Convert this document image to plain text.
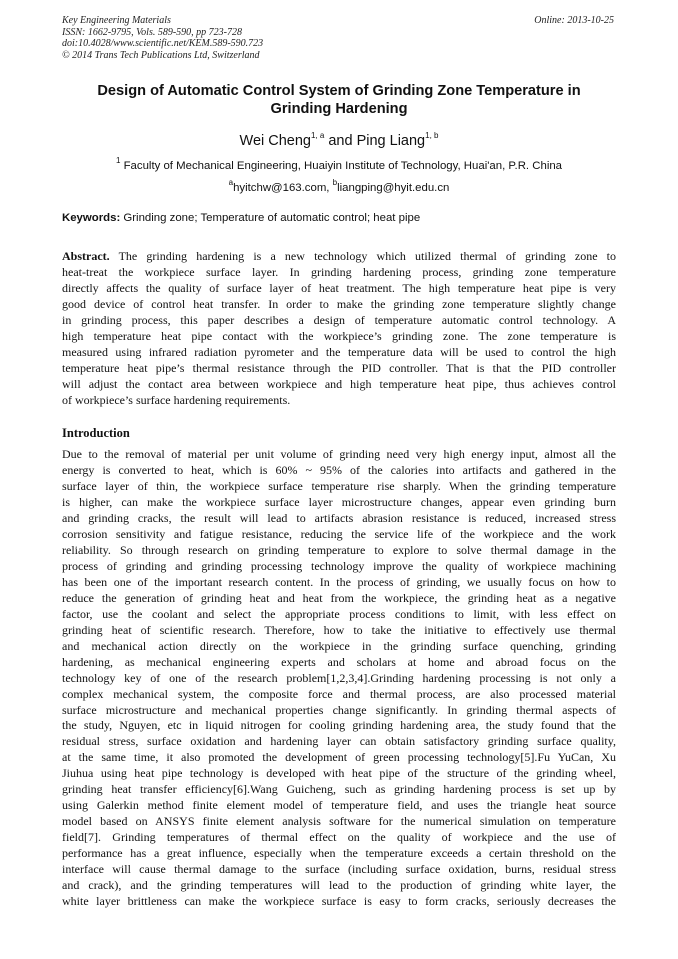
Key Engineering Materials
ISSN: 1662-9795, Vols. 589-590, pp 723-728
doi:10.4028/www.scientific.net/KEM.589-590.723
© 2014 Trans Tech Publications Ltd, Switzerland
Online: 2013-10-25
Design of Automatic Control System of Grinding Zone Temperature in
Grinding Hardening
Wei Cheng$^{1, a}$ and Ping Liang$^{1, b}$
$^1$ Faculty of Mechanical Engineering, Huaiyin Institute of Technology, Huai'an, P.R. China
$^a$hyitchw@163.com, $^b$liangping@hyit.edu.cn
Keywords: Grinding zone; Temperature of automatic control; heat pipe
Abstract. The grinding hardening is a new technology which utilized thermal of grinding zone to
heat-treat the workpiece surface layer. In grinding hardening process, grinding zone temperature
directly affects the quality of surface layer of heat treatment. The high temperature heat pipe is very
good device of control heat transfer. In order to make the grinding zone temperature slightly change
in grinding process, this paper describes a design of temperature automatic control technology. A
high temperature heat pipe contact with the workpiece’s grinding zone. The zone temperature is
measured using infrared radiation pyrometer and the temperature data will be used to control the high
temperature heat pipe’s thermal resistance through the PID controller. That is that the PID controller
will adjust the contact area between workpiece and high temperature heat pipe, thus achieves control
of workpiece’s surface hardening requirements.
Introduction
Due to the removal of material per unit volume of grinding need very high energy input, almost all the
energy is converted to heat, which is 60% ~ 95% of the calories into artifacts and gathered in the
surface layer of thin, the workpiece surface temperature rise sharply. When the grinding temperature
is higher, can make the workpiece surface layer microstructure changes, appear even grinding burn
and grinding cracks, the result will lead to artifacts abrasion resistance is reduced, increased stress
corrosion sensitivity and fatigue resistance, reducing the service life of the workpiece and the work
reliability. So through research on grinding temperature to explore to solve thermal damage in the
process of grinding and grinding processing technology improve the quality of workpiece machining
has been one of the important research content. In the process of grinding, we usually focus on how to
reduce the generation of grinding heat and heat from the workpiece, the grinding heat as a negative
factor, use the coolant and select the appropriate process conditions to limit, with less effect on
grinding heat of scientific research. Therefore, how to take the initiative to effectively use thermal
and mechanical action directly on the workpiece in the grinding surface quenching, grinding
hardening, as mechanical engineering experts and scholars at home and abroad focus on the
technology key of one of the research problem[1,2,3,4].Grinding hardening processing is not only a
complex mechanical system, the composite force and thermal process, are also processed material
surface microstructure and mechanical properties change significantly. In grinding thermal aspects of
the study, Nguyen, etc in liquid nitrogen for cooling grinding hardening area, the study found that the
residual stress, surface oxidation and hardening layer can obtain satisfactory grinding surface quality,
at the same time, it also promoted the development of green processing technology[5].Fu YuCan, Xu
Jiuhua using heat pipe technology is developed with heat pipe of the structure of the grinding wheel,
grinding heat transfer efficiency[6].Wang Guicheng, such as grinding hardening process is set up by
using Galerkin method finite element model of temperature field, and uses the triangle heat source
model based on ANSYS finite element analysis software for the numerical simulation on temperature
field[7]. Grinding temperatures of thermal effect on the quality of workpiece and the use of
performance has a great influence, especially when the temperature exceeds a certain threshold on the
interface will cause thermal damage to the surface (including surface oxidation, burns, residual stress
and crack), and the grinding temperatures will lead to the production of grinding white layer, the
white layer brittleness can make the workpiece surface is easy to form cracks, seriously decreases the
